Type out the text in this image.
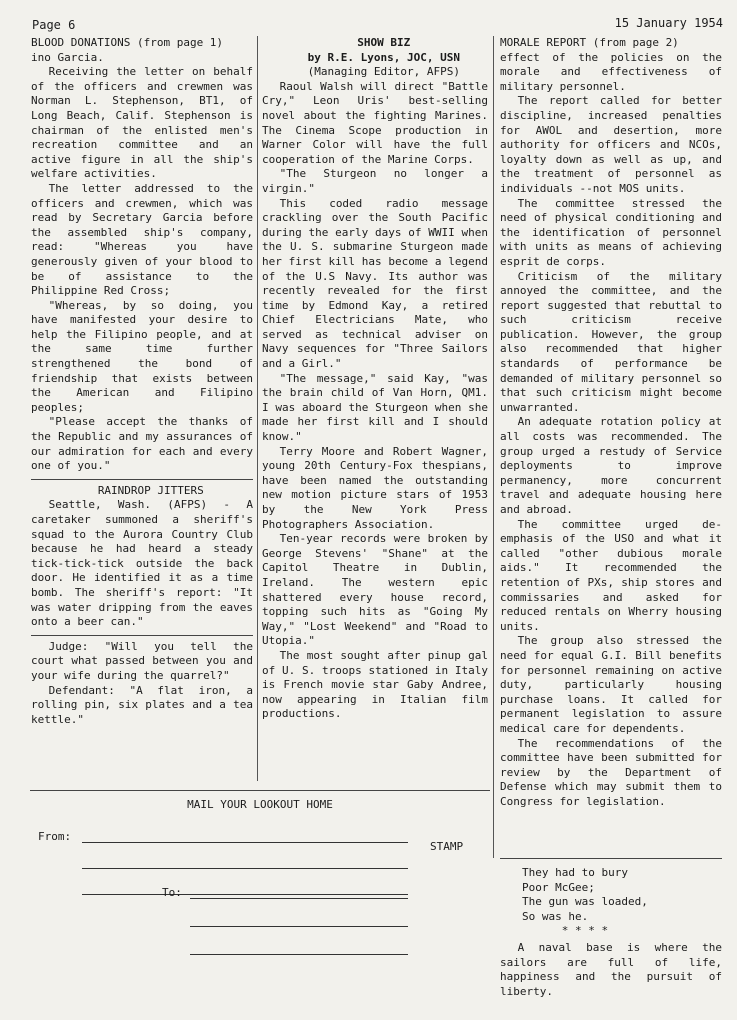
Page 6	15 January 1954

BLOOD DONATIONS (from page 1)

ino Garcia.

Receiving the letter on behalf of the officers and crewmen was Norman L. Stephenson, BT1, of Long Beach, Calif. Stephenson is chairman of the enlisted men's recreation committee and an active figure in all the ship's welfare activities.

The letter addressed to the officers and crewmen, which was read by Secretary Garcia before the assembled ship's company, read: "Whereas you have generously given of your blood to be of assistance to the Philippine Red Cross;

"Whereas, by so doing, you have manifested your desire to help the Filipino people, and at the same time further strengthened the bond of friendship that exists between the American and Filipino peoples;

"Please accept the thanks of the Republic and my assurances of our admiration for each and every one of you."

RAINDROP JITTERS

Seattle, Wash. (AFPS) - A caretaker summoned a sheriff's squad to the Aurora Country Club because he had heard a steady tick-tick-tick outside the back door. He identified it as a time bomb. The sheriff's report: "It was water dripping from the eaves onto a beer can."

Judge: "Will you tell the court what passed between you and your wife during the quarrel?"

Defendant: "A flat iron, a rolling pin, six plates and a tea kettle."

SHOW BIZ

by R.E. Lyons, JOC, USN

(Managing Editor, AFPS)

Raoul Walsh will direct "Battle Cry," Leon Uris' best-selling novel about the fighting Marines. The Cinema Scope production in Warner Color will have the full cooperation of the Marine Corps.

"The Sturgeon no longer a virgin."

This coded radio message crackling over the South Pacific during the early days of WWII when the U. S. submarine Sturgeon made her first kill has become a legend of the U.S Navy. Its author was recently revealed for the first time by Edmond Kay, a retired Chief Electricians Mate, who served as technical adviser on Navy sequences for "Three Sailors and a Girl."

"The message," said Kay, "was the brain child of Van Horn, QM1. I was aboard the Sturgeon when she made her first kill and I should know."

Terry Moore and Robert Wagner, young 20th Century-Fox thespians, have been named the outstanding new motion picture stars of 1953 by the New York Press Photographers Association.

Ten-year records were broken by George Stevens' "Shane" at the Capitol Theatre in Dublin, Ireland. The western epic shattered every house record, topping such hits as "Going My Way," "Lost Weekend" and "Road to Utopia."

The most sought after pinup gal of U. S. troops stationed in Italy is French movie star Gaby Andree, now appearing in Italian film productions.

MORALE REPORT (from page 2)

effect of the policies on the morale and effectiveness of military personnel.

The report called for better discipline, increased penalties for AWOL and desertion, more authority for officers and NCOs, loyalty down as well as up, and the treatment of personnel as individuals --not MOS units.

The committee stressed the need of physical conditioning and the identification of personnel with units as means of achieving esprit de corps.

Criticism of the military annoyed the committee, and the report suggested that rebuttal to such criticism receive publication. However, the group also recommended that higher standards of performance be demanded of military personnel so that such criticism might become unwarranted.

An adequate rotation policy at all costs was recommended. The group urged a restudy of Service deployments to improve permanency, more concurrent travel and adequate housing here and abroad.

The committee urged de-emphasis of the USO and what it called "other dubious morale aids." It recommended the retention of PXs, ship stores and commissaries and asked for reduced rentals on Wherry housing units.

The group also stressed the need for equal G.I. Bill benefits for personnel remaining on active duty, particularly housing purchase loans. It called for permanent legislation to assure medical care for dependents.

The recommendations of the committee have been submitted for review by the Department of Defense which may submit them to Congress for legislation.

They had to bury
Poor McGee;
The gun was loaded,
So was he.
* * * *

A naval base is where the sailors are full of life, happiness and the pursuit of liberty.

MAIL YOUR LOOKOUT HOME
From:
STAMP
To:
